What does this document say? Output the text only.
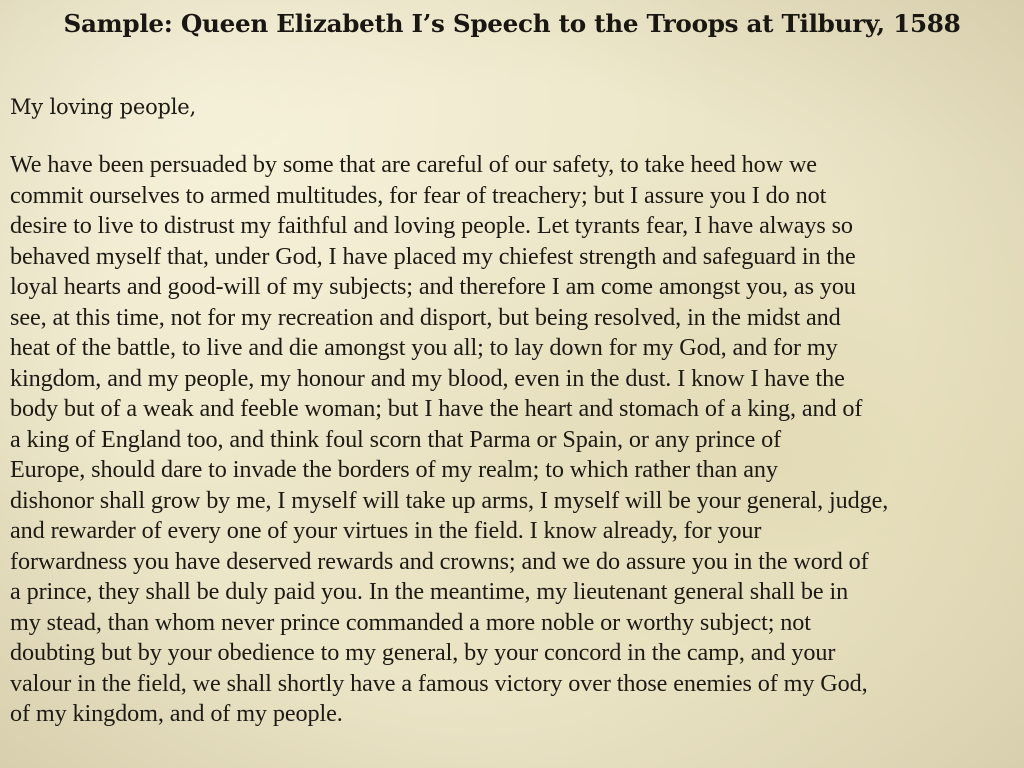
Sample: Queen Elizabeth I’s Speech to the Troops at Tilbury, 1588
My loving people,
We have been persuaded by some that are careful of our safety, to take heed how we
commit ourselves to armed multitudes, for fear of treachery; but I assure you I do not
desire to live to distrust my faithful and loving people. Let tyrants fear, I have always so
behaved myself that, under God, I have placed my chiefest strength and safeguard in the
loyal hearts and good-will of my subjects; and therefore I am come amongst you, as you
see, at this time, not for my recreation and disport, but being resolved, in the midst and
heat of the battle, to live and die amongst you all; to lay down for my God, and for my
kingdom, and my people, my honour and my blood, even in the dust. I know I have the
body but of a weak and feeble woman; but I have the heart and stomach of a king, and of
a king of England too, and think foul scorn that Parma or Spain, or any prince of
Europe, should dare to invade the borders of my realm; to which rather than any
dishonor shall grow by me, I myself will take up arms, I myself will be your general, judge,
and rewarder of every one of your virtues in the field. I know already, for your
forwardness you have deserved rewards and crowns; and we do assure you in the word of
a prince, they shall be duly paid you. In the meantime, my lieutenant general shall be in
my stead, than whom never prince commanded a more noble or worthy subject; not
doubting but by your obedience to my general, by your concord in the camp, and your
valour in the field, we shall shortly have a famous victory over those enemies of my God,
of my kingdom, and of my people.
